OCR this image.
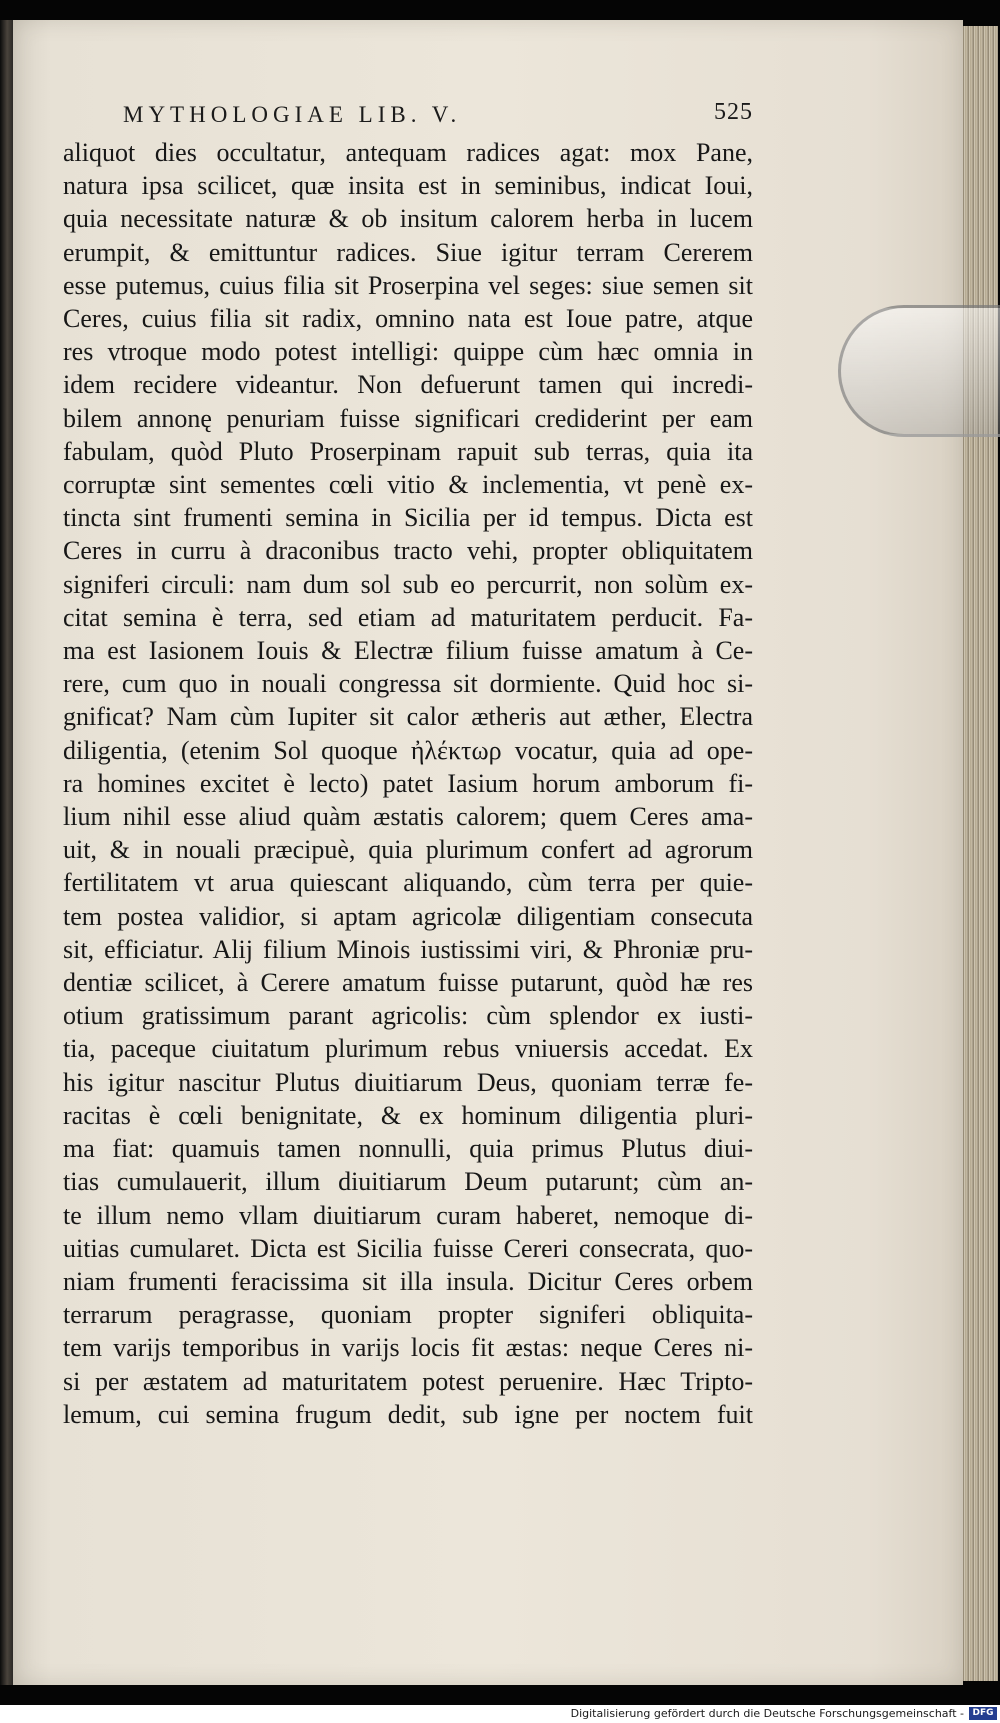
MYTHOLOGIAE LIB. V.	525
aliquot dies occultatur, antequam radices agat: mox Pane,
natura ipsa scilicet, quæ insita est in seminibus, indicat Ioui,
quia necessitate naturæ & ob insitum calorem herba in lucem
erumpit, & emittuntur radices. Siue igitur terram Cererem
esse putemus, cuius filia sit Proserpina vel seges: siue semen sit
Ceres, cuius filia sit radix, omnino nata est Ioue patre, atque
res vtroque modo potest intelligi: quippe cùm hæc omnia in
idem recidere videantur. Non defuerunt tamen qui incredi-
bilem annonę penuriam fuisse significari crediderint per eam
fabulam, quòd Pluto Proserpinam rapuit sub terras, quia ita
corruptæ sint sementes cœli vitio & inclementia, vt penè ex-
tincta sint frumenti semina in Sicilia per id tempus. Dicta est
Ceres in curru à draconibus tracto vehi, propter obliquitatem
signiferi circuli: nam dum sol sub eo percurrit, non solùm ex-
citat semina è terra, sed etiam ad maturitatem perducit. Fa-
ma est Iasionem Iouis & Electræ filium fuisse amatum à Ce-
rere, cum quo in nouali congressa sit dormiente. Quid hoc si-
gnificat? Nam cùm Iupiter sit calor ætheris aut æther, Electra
diligentia, (etenim Sol quoque ἠλέκτωρ vocatur, quia ad ope-
ra homines excitet è lecto) patet Iasium horum amborum fi-
lium nihil esse aliud quàm æstatis calorem; quem Ceres ama-
uit, & in nouali præcipuè, quia plurimum confert ad agrorum
fertilitatem vt arua quiescant aliquando, cùm terra per quie-
tem postea validior, si aptam agricolæ diligentiam consecuta
sit, efficiatur. Alij filium Minois iustissimi viri, & Phroniæ pru-
dentiæ scilicet, à Cerere amatum fuisse putarunt, quòd hæ res
otium gratissimum parant agricolis: cùm splendor ex iusti-
tia, paceque ciuitatum plurimum rebus vniuersis accedat. Ex
his igitur nascitur Plutus diuitiarum Deus, quoniam terræ fe-
racitas è cœli benignitate, & ex hominum diligentia pluri-
ma fiat: quamuis tamen nonnulli, quia primus Plutus diui-
tias cumulauerit, illum diuitiarum Deum putarunt; cùm an-
te illum nemo vllam diuitiarum curam haberet, nemoque di-
uitias cumularet. Dicta est Sicilia fuisse Cereri consecrata, quo-
niam frumenti feracissima sit illa insula. Dicitur Ceres orbem
terrarum peragrasse, quoniam propter signiferi obliquita-
tem varijs temporibus in varijs locis fit æstas: neque Ceres ni-
si per æstatem ad maturitatem potest peruenire. Hæc Tripto-
lemum, cui semina frugum dedit, sub igne per noctem fuit
Digitalisierung gefördert durch die Deutsche Forschungsgemeinschaft - DFG
